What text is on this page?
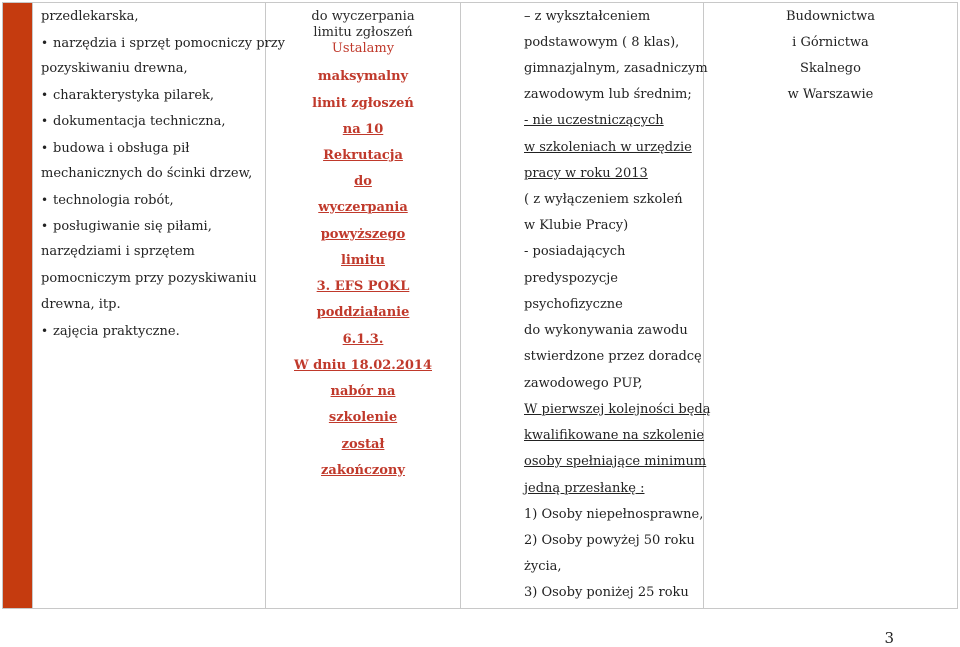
przedlekarska,
• narzędzia i sprzęt pomocniczy przy
pozyskiwaniu drewna,
• charakterystyka pilarek,
• dokumentacja techniczna,
• budowa i obsługa pił
mechanicznych do ścinki drzew,
• technologia robót,
• posługiwanie się piłami,
narzędziami i sprzętem
pomocniczym przy pozyskiwaniu
drewna, itp.
• zajęcia praktyczne.
do wyczerpania
limitu zgłoszeń
Ustalamy
maksymalny
limit zgłoszeń
na 10
Rekrutacja
do
wyczerpania
powyższego
limitu
3. EFS POKL
poddziałanie
6.1.3.
W dniu 18.02.2014
nabór na
szkolenie
został
zakończony
– z wykształceniem
podstawowym ( 8 klas),
gimnazjalnym, zasadniczym
zawodowym lub średnim;
- nie uczestniczących
w szkoleniach w urzędzie
pracy w roku 2013
( z wyłączeniem szkoleń
w Klubie Pracy)
- posiadających
predyspozycje
psychofizyczne
do wykonywania zawodu
stwierdzone przez doradcę
zawodowego PUP,
W pierwszej kolejności będą
kwalifikowane na szkolenie
osoby spełniające minimum
jedną przesłankę :
1) Osoby niepełnosprawne,
2) Osoby powyżej 50 roku
życia,
3) Osoby poniżej 25 roku
Budownictwa
i Górnictwa
Skalnego
w Warszawie
3
